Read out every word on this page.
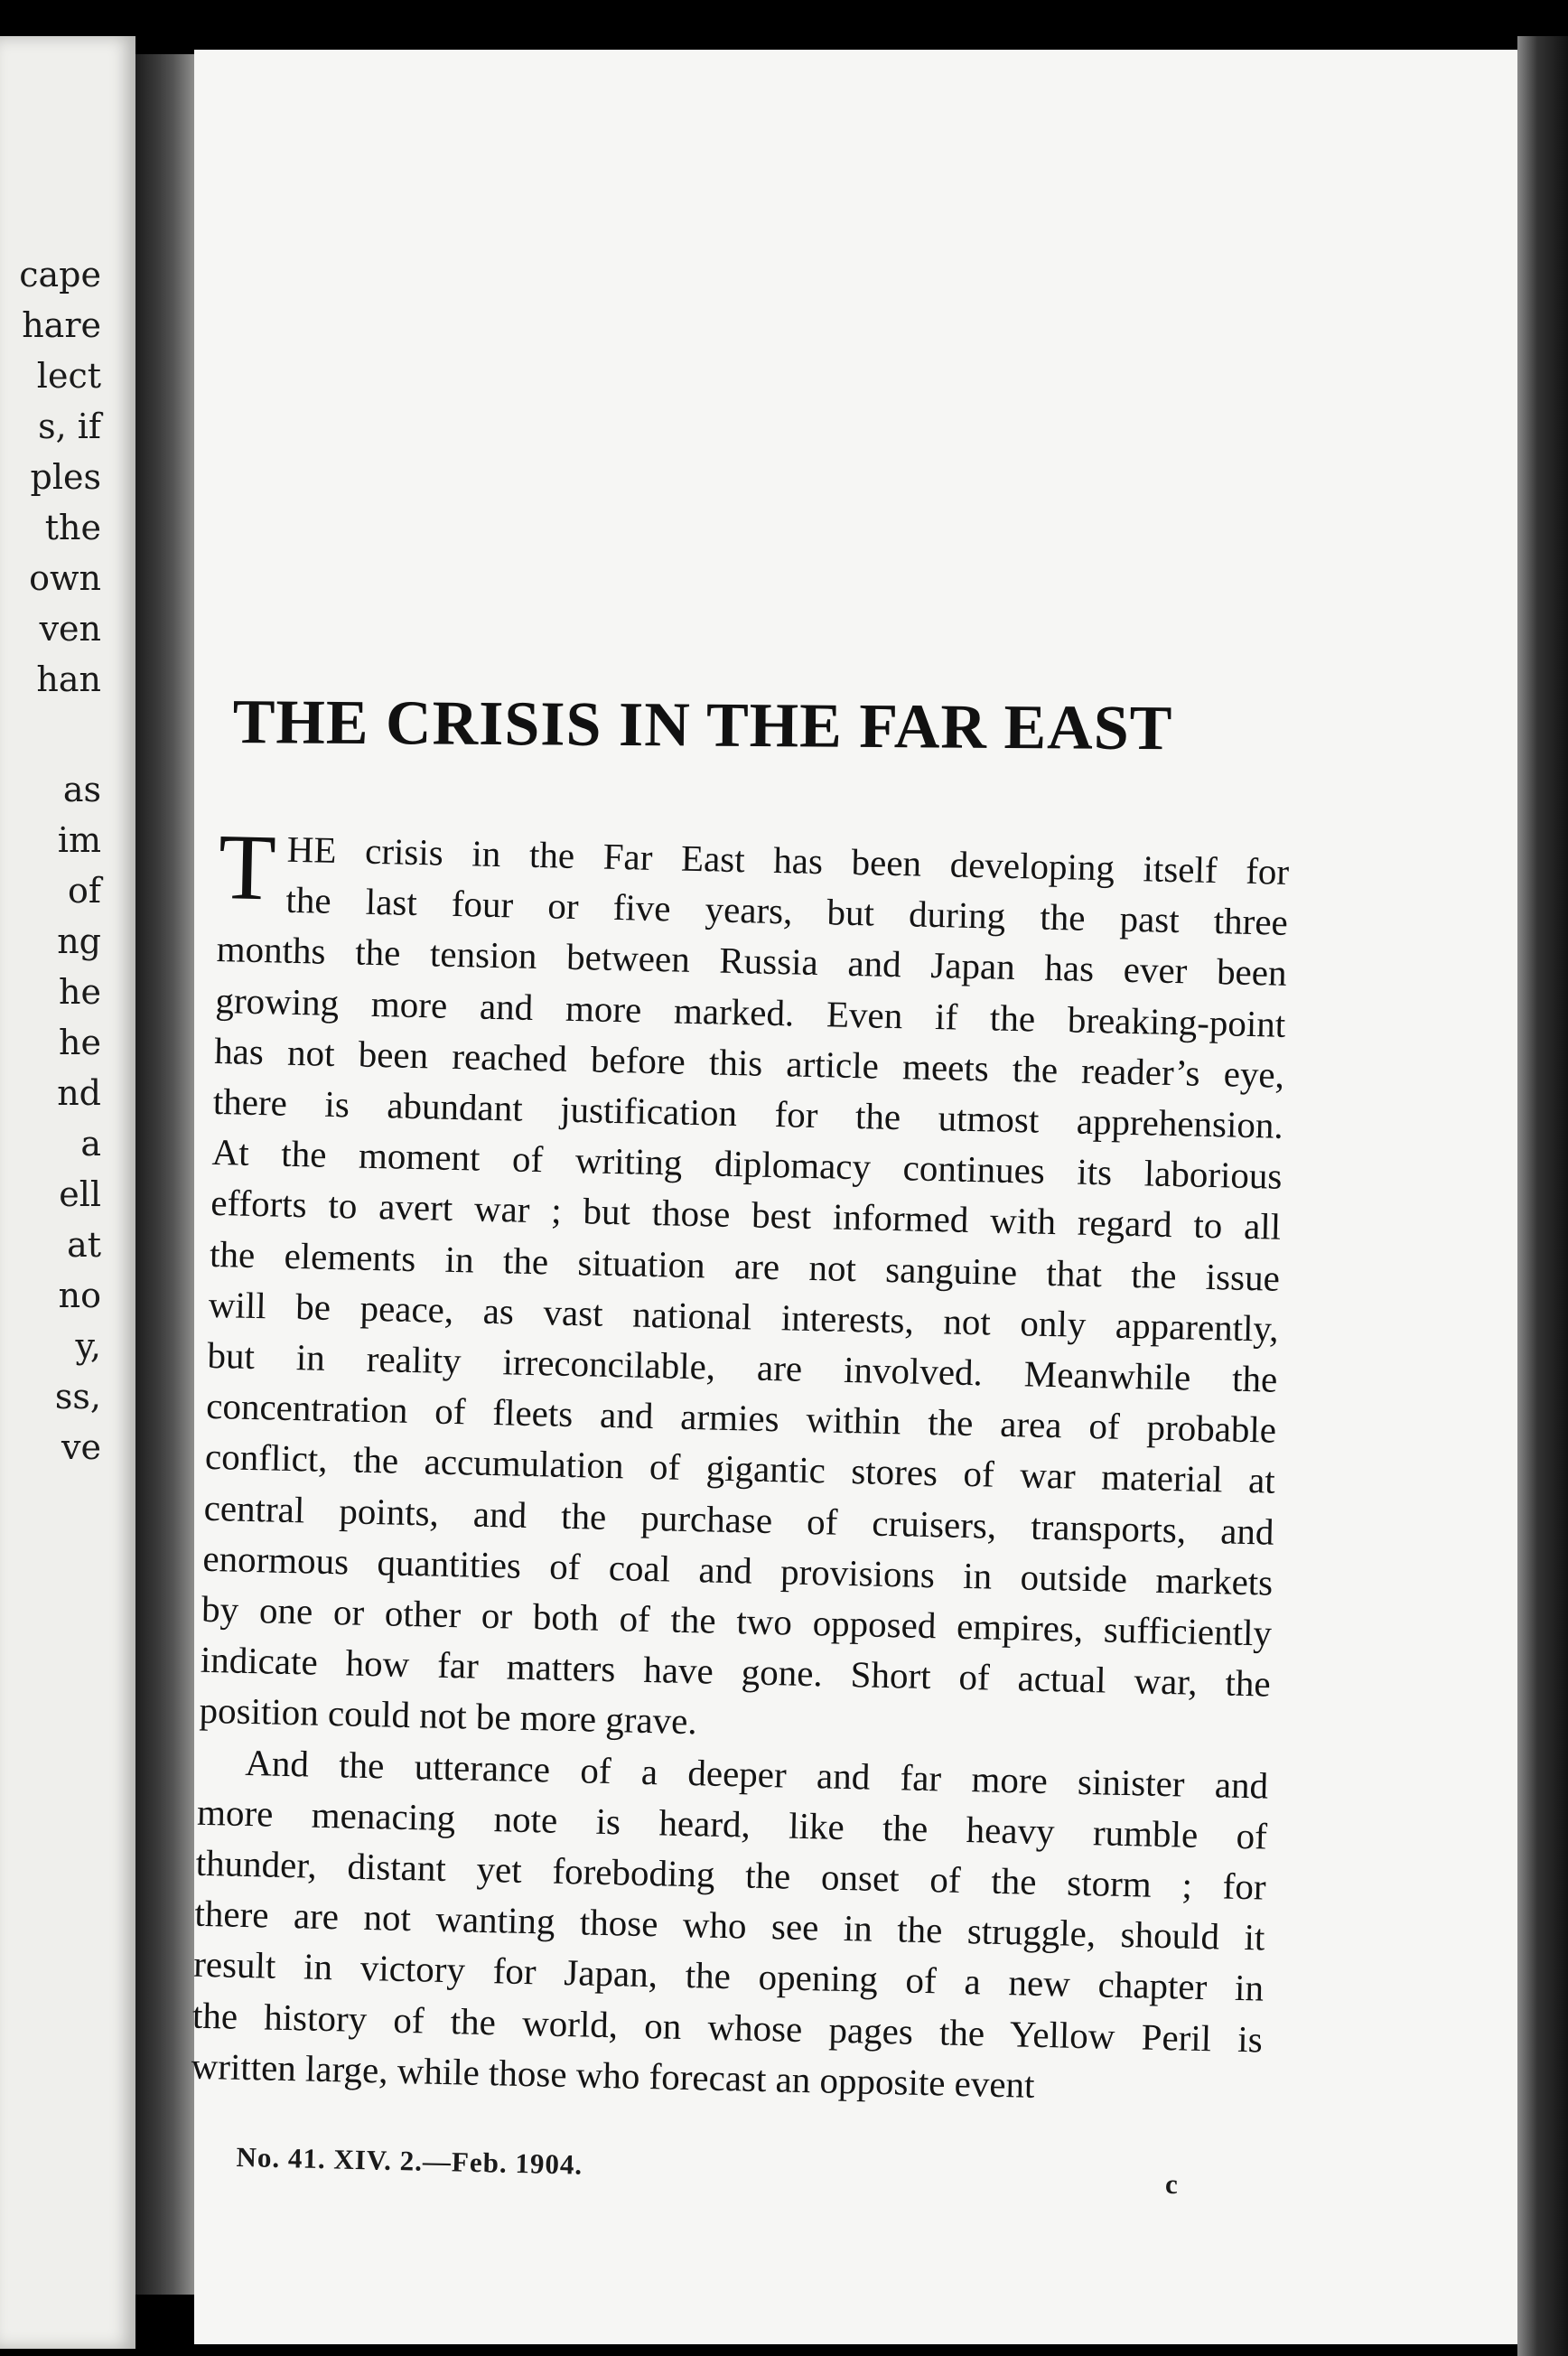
THE CRISIS IN THE FAR EAST
T HE crisis in the Far East has been developing itself for
the last four or five years, but during the past three
months the tension between Russia and Japan has ever been
growing more and more marked. Even if the breaking-point
has not been reached before this article meets the reader’s eye,
there is abundant justification for the utmost apprehension.
At the moment of writing diplomacy continues its laborious
efforts to avert war ; but those best informed with regard to all
the elements in the situation are not sanguine that the issue
will be peace, as vast national interests, not only apparently,
but in reality irreconcilable, are involved. Meanwhile the
concentration of fleets and armies within the area of probable
conflict, the accumulation of gigantic stores of war material at
central points, and the purchase of cruisers, transports, and
enormous quantities of coal and provisions in outside markets
by one or other or both of the two opposed empires, sufficiently
indicate how far matters have gone. Short of actual war, the
position could not be more grave.
And the utterance of a deeper and far more sinister and
more menacing note is heard, like the heavy rumble of
thunder, distant yet foreboding the onset of the storm ; for
there are not wanting those who see in the struggle, should it
result in victory for Japan, the opening of a new chapter in
the history of the world, on whose pages the Yellow Peril is
written large, while those who forecast an opposite event
No. 41. XIV. 2.—Feb. 1904.
c
cape
hare
lect
s, if
ples
the
own
ven
han
as
im
of
ng
he
he
nd
a
ell
at
no
y,
ss,
ve
